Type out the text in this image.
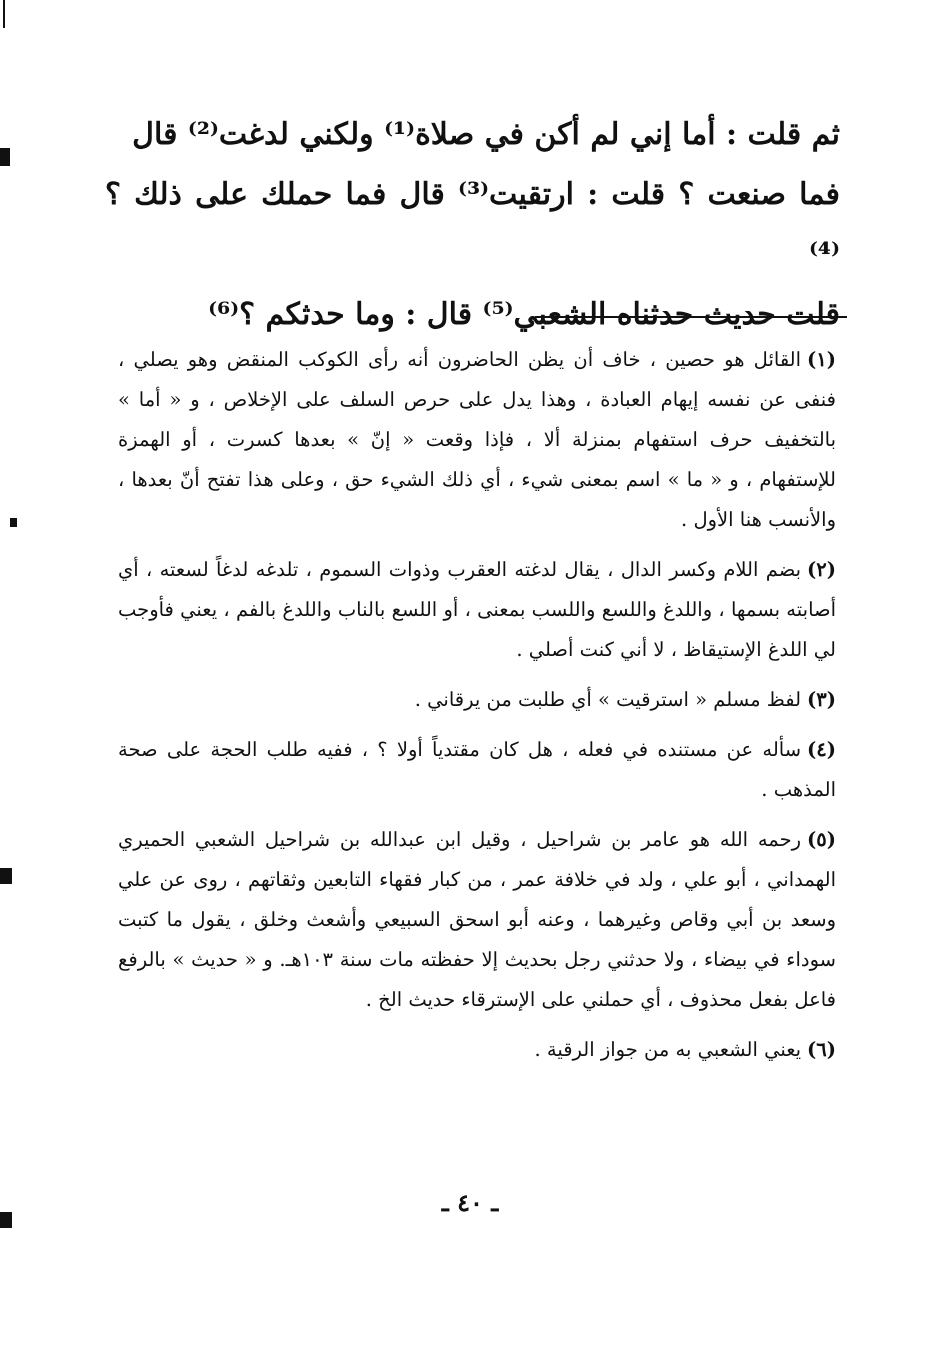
ثم قلت : أما إني لم أكن في صلاة⁽¹⁾ ولكني لدغت⁽²⁾ قال

فما صنعت ؟ قلت : ارتقيت⁽³⁾ قال فما حملك على ذلك ؟⁽⁴⁾

قلت حديث حدثناه الشعبي⁽⁵⁾ قال : وما حدثكم ؟⁽⁶⁾

(١)القائل هو حصين ، خاف أن يظن الحاضرون أنه رأى الكوكب المنقض وهو يصلي ، فنفى عن نفسه إيهام العبادة ، وهذا يدل على حرص السلف على الإخلاص ، و « أما » بالتخفيف حرف استفهام بمنزلة ألا ، فإذا وقعت « إنّ » بعدها كسرت ، أو الهمزة للإستفهام ، و « ما » اسم بمعنى شيء ، أي ذلك الشيء حق ، وعلى هذا تفتح أنّ بعدها ، والأنسب هنا الأول .

(٢)بضم اللام وكسر الدال ، يقال لدغته العقرب وذوات السموم ، تلدغه لدغاً لسعته ، أي أصابته بسمها ، واللدغ واللسع واللسب بمعنى ، أو اللسع بالناب واللدغ بالفم ، يعني فأوجب لي اللدغ الإستيقاظ ، لا أني كنت أصلي .

(٣)لفظ مسلم « استرقيت » أي طلبت من يرقاني .

(٤)سأله عن مستنده في فعله ، هل كان مقتدياً أولا ؟ ، ففيه طلب الحجة على صحة المذهب .

(٥)رحمه الله هو عامر بن شراحيل ، وقيل ابن عبدالله بن شراحيل الشعبي الحميري الهمداني ، أبو علي ، ولد في خلافة عمر ، من كبار فقهاء التابعين وثقاتهم ، روى عن علي وسعد بن أبي وقاص وغيرهما ، وعنه أبو اسحق السبيعي وأشعث وخلق ، يقول ما كتبت سوداء في بيضاء ، ولا حدثني رجل بحديث إلا حفظته مات سنة ١٠٣هـ. و « حديث » بالرفع فاعل بفعل محذوف ، أي حملني على الإسترقاء حديث الخ .

(٦)يعني الشعبي به من جواز الرقية .

ـ ٤٠ ـ
